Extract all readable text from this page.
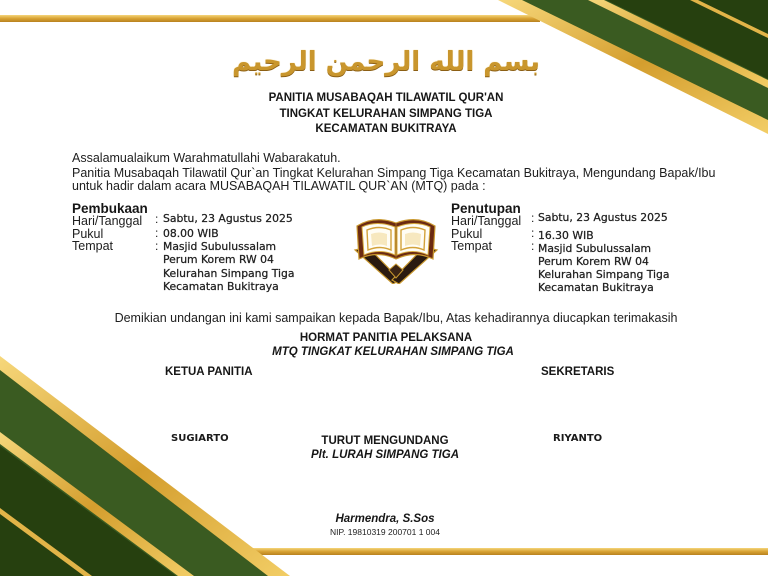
بسم الله الرحمن الرحيم
PANITIA MUSABAQAH TILAWATIL QUR'AN
TINGKAT KELURAHAN SIMPANG TIGA
KECAMATAN BUKITRAYA
Assalamualaikum Warahmatullahi Wabarakatuh.
Panitia Musabaqah Tilawatil Qur`an Tingkat Kelurahan Simpang Tiga Kecamatan Bukitraya, Mengundang Bapak/Ibu
untuk hadir dalam acara MUSABAQAH TILAWATIL QUR`AN (MTQ) pada :
Pembukaan
Hari/Tanggal
Pukul
Tempat
:
:
:
Sabtu, 23 Agustus 2025
08.00 WIB
Masjid Subulussalam
Perum Korem RW 04
Kelurahan Simpang Tiga
Kecamatan Bukitraya
Penutupan
Hari/Tanggal
Pukul
Tempat
:
:
:
Sabtu, 23 Agustus 2025
16.30 WIB
Masjid Subulussalam
Perum Korem RW 04
Kelurahan Simpang Tiga
Kecamatan Bukitraya
Demikian undangan ini kami sampaikan kepada Bapak/Ibu, Atas kehadirannya diucapkan terimakasih
HORMAT PANITIA PELAKSANA
MTQ TINGKAT KELURAHAN SIMPANG TIGA
KETUA PANITIA	SEKRETARIS
SUGIARTO	RIYANTO
TURUT MENGUNDANG
Plt. LURAH SIMPANG TIGA
Harmendra, S.Sos
NIP. 19810319 200701 1 004
